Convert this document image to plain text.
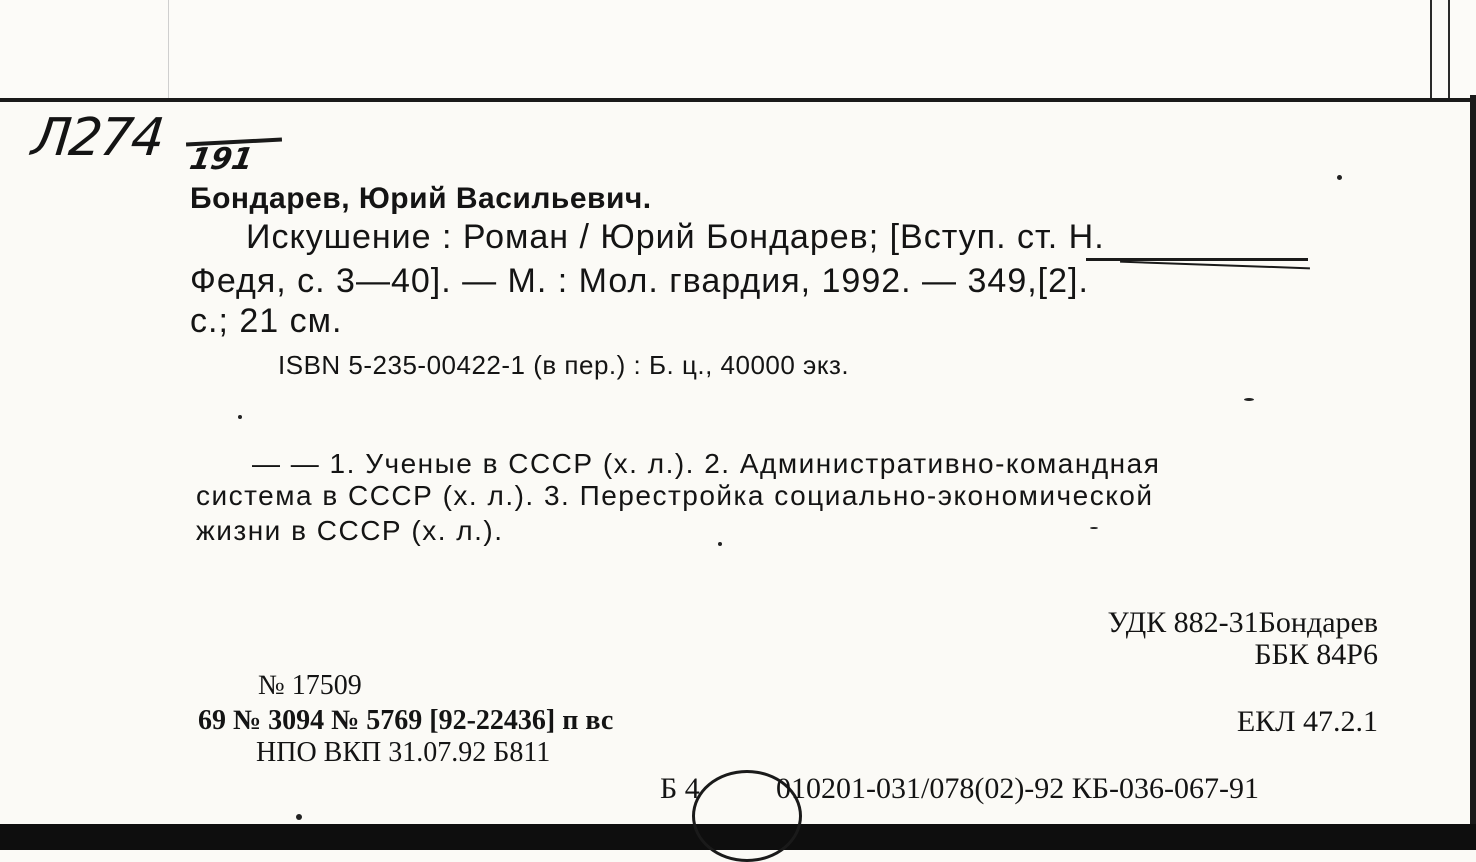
Л274 191
Бондарев, Юрий Васильевич.
Искушение : Роман / Юрий Бондарев; [Вступ. ст. Н.
Федя, с. 3—40]. — М. : Мол. гвардия, 1992. — 349,[2].
с.; 21 см.
ISBN 5-235-00422-1 (в пер.) : Б. ц., 40000 экз.
— — 1. Ученые в СССР (х. л.). 2. Административно-командная
система в СССР (х. л.). 3. Перестройка социально-экономической
жизни в СССР (х. л.).
УДК 882-31Бондарев
ББК 84Р6
№ 17509
69 № 3094 № 5769 [92-22436] п вс	ЕКЛ 47.2.1
НПО ВКП 31.07.92 Б811
Б 4	010201-031/078(02)-92 КБ-036-067-91
